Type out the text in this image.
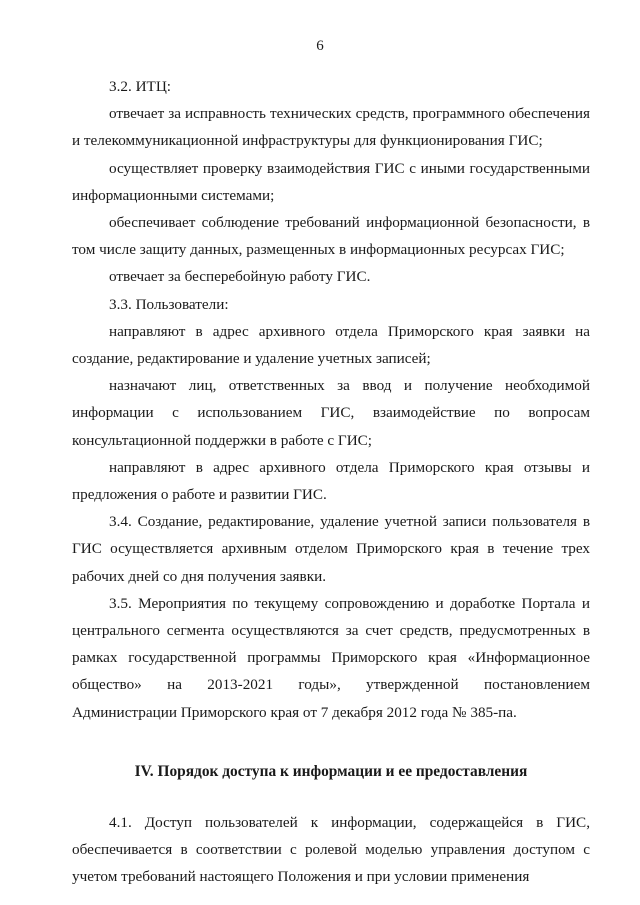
6

3.2. ИТЦ:

отвечает за исправность технических средств, программного обеспечения и телекоммуникационной инфраструктуры для функционирования ГИС;

осуществляет проверку взаимодействия ГИС с иными государственными информационными системами;

обеспечивает соблюдение требований информационной безопасности, в том числе защиту данных, размещенных в информационных ресурсах ГИС;

отвечает за бесперебойную работу ГИС.

3.3. Пользователи:

направляют в адрес архивного отдела Приморского края заявки на создание, редактирование и удаление учетных записей;

назначают лиц, ответственных за ввод и получение необходимой информации с использованием ГИС, взаимодействие по вопросам консультационной поддержки в работе с ГИС;

направляют в адрес архивного отдела Приморского края отзывы и предложения о работе и развитии ГИС.

3.4. Создание, редактирование, удаление учетной записи пользователя в ГИС осуществляется архивным отделом Приморского края в течение трех рабочих дней со дня получения заявки.

3.5. Мероприятия по текущему сопровождению и доработке Портала и центрального сегмента осуществляются за счет средств, предусмотренных в рамках государственной программы Приморского края «Информационное общество» на 2013-2021 годы», утвержденной постановлением Администрации Приморского края от 7 декабря 2012 года № 385-па.

IV. Порядок доступа к информации и ее предоставления

4.1. Доступ пользователей к информации, содержащейся в ГИС, обеспечивается в соответствии с ролевой моделью управления доступом с учетом требований настоящего Положения и при условии применения
